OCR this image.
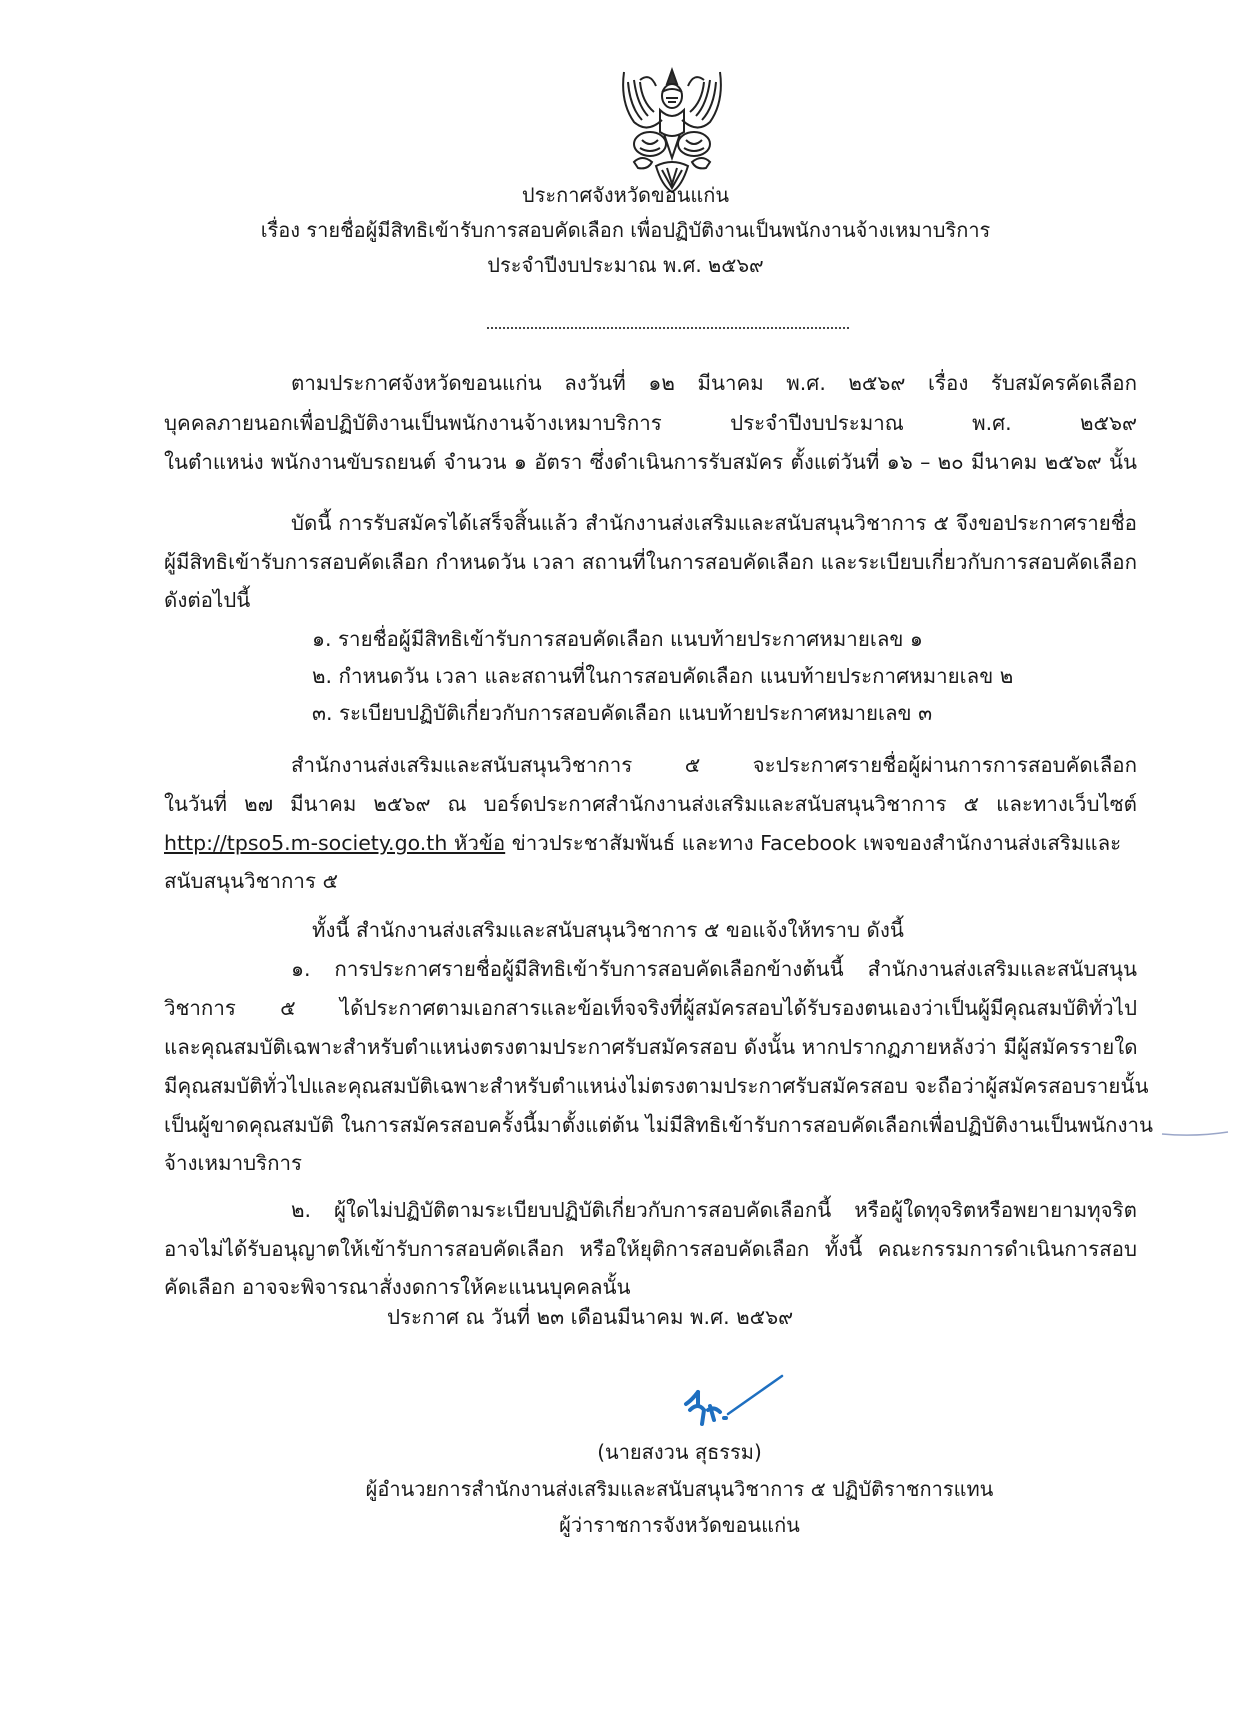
ประกาศจังหวัดขอนแก่น
เรื่อง รายชื่อผู้มีสิทธิเข้ารับการสอบคัดเลือก เพื่อปฏิบัติงานเป็นพนักงานจ้างเหมาบริการ
ประจำปีงบประมาณ พ.ศ. ๒๕๖๙
ตามประกาศจังหวัดขอนแก่น ลงวันที่ ๑๒ มีนาคม พ.ศ. ๒๕๖๙ เรื่อง รับสมัครคัดเลือก
บุคคลภายนอกเพื่อปฏิบัติงานเป็นพนักงานจ้างเหมาบริการ ประจำปีงบประมาณ พ.ศ. ๒๕๖๙
ในตำแหน่ง พนักงานขับรถยนต์ จำนวน ๑ อัตรา ซึ่งดำเนินการรับสมัคร ตั้งแต่วันที่ ๑๖ – ๒๐ มีนาคม ๒๕๖๙ นั้น
บัดนี้ การรับสมัครได้เสร็จสิ้นแล้ว สำนักงานส่งเสริมและสนับสนุนวิชาการ ๕ จึงขอประกาศรายชื่อ
ผู้มีสิทธิเข้ารับการสอบคัดเลือก กำหนดวัน เวลา สถานที่ในการสอบคัดเลือก และระเบียบเกี่ยวกับการสอบคัดเลือก
ดังต่อไปนี้
๑. รายชื่อผู้มีสิทธิเข้ารับการสอบคัดเลือก แนบท้ายประกาศหมายเลข ๑
๒. กำหนดวัน เวลา และสถานที่ในการสอบคัดเลือก แนบท้ายประกาศหมายเลข ๒
๓. ระเบียบปฏิบัติเกี่ยวกับการสอบคัดเลือก แนบท้ายประกาศหมายเลข ๓
สำนักงานส่งเสริมและสนับสนุนวิชาการ ๕ จะประกาศรายชื่อผู้ผ่านการการสอบคัดเลือก
ในวันที่ ๒๗ มีนาคม ๒๕๖๙ ณ บอร์ดประกาศสำนักงานส่งเสริมและสนับสนุนวิชาการ ๕ และทางเว็บไซต์
http://tpso5.m-society.go.th หัวข้อ ข่าวประชาสัมพันธ์ และทาง Facebook เพจของสำนักงานส่งเสริมและ
สนับสนุนวิชาการ ๕
ทั้งนี้ สำนักงานส่งเสริมและสนับสนุนวิชาการ ๕ ขอแจ้งให้ทราบ ดังนี้
๑. การประกาศรายชื่อผู้มีสิทธิเข้ารับการสอบคัดเลือกข้างต้นนี้ สำนักงานส่งเสริมและสนับสนุน
วิชาการ ๕ ได้ประกาศตามเอกสารและข้อเท็จจริงที่ผู้สมัครสอบได้รับรองตนเองว่าเป็นผู้มีคุณสมบัติทั่วไป
และคุณสมบัติเฉพาะสำหรับตำแหน่งตรงตามประกาศรับสมัครสอบ ดังนั้น หากปรากฏภายหลังว่า มีผู้สมัครรายใด
มีคุณสมบัติทั่วไปและคุณสมบัติเฉพาะสำหรับตำแหน่งไม่ตรงตามประกาศรับสมัครสอบ จะถือว่าผู้สมัครสอบรายนั้น
เป็นผู้ขาดคุณสมบัติ ในการสมัครสอบครั้งนี้มาตั้งแต่ต้น ไม่มีสิทธิเข้ารับการสอบคัดเลือกเพื่อปฏิบัติงานเป็นพนักงาน
จ้างเหมาบริการ
๒. ผู้ใดไม่ปฏิบัติตามระเบียบปฏิบัติเกี่ยวกับการสอบคัดเลือกนี้ หรือผู้ใดทุจริตหรือพยายามทุจริต
อาจไม่ได้รับอนุญาตให้เข้ารับการสอบคัดเลือก หรือให้ยุติการสอบคัดเลือก ทั้งนี้ คณะกรรมการดำเนินการสอบ
คัดเลือก อาจจะพิจารณาสั่งงดการให้คะแนนบุคคลนั้น
ประกาศ ณ วันที่ ๒๓ เดือนมีนาคม พ.ศ. ๒๕๖๙
(นายสงวน สุธรรม)
ผู้อำนวยการสำนักงานส่งเสริมและสนับสนุนวิชาการ ๕ ปฏิบัติราชการแทน
ผู้ว่าราชการจังหวัดขอนแก่น
